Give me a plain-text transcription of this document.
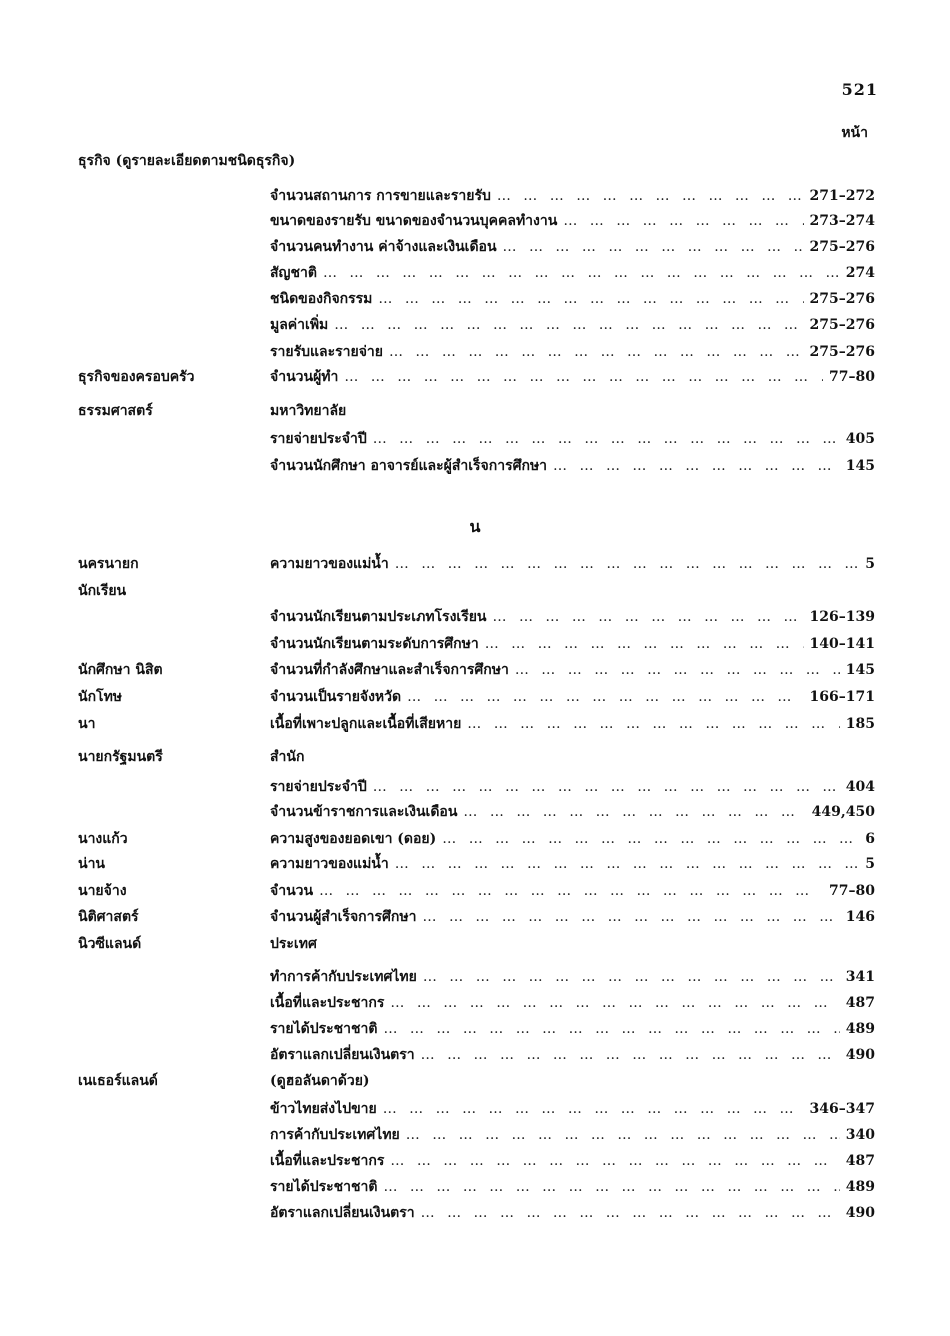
521
หน้า
น
ธุรกิจ (ดูรายละเอียดตามชนิดธุรกิจ)
จำนวนสถานการ การขายและรายรับ … … … … … … … … … … … … … … … … … … … … … … … … … … … … … …	271–272
ขนาดของรายรับ ขนาดของจำนวนบุคคลทำงาน … … … … … … … … … … … … … … … … … … … … … … … … … … … … … …	273–274
จำนวนคนทำงาน ค่าจ้างและเงินเดือน … … … … … … … … … … … … … … … … … … … … … … … … … … … … … …	275–276
สัญชาติ … … … … … … … … … … … … … … … … … … … … … … … … … … … … … …	274
ชนิดของกิจกรรม … … … … … … … … … … … … … … … … … … … … … … … … … … … … … …	275–276
มูลค่าเพิ่ม … … … … … … … … … … … … … … … … … … … … … … … … … … … … … …	275–276
รายรับและรายจ่าย … … … … … … … … … … … … … … … … … … … … … … … … … … … … … …	275–276
ธุรกิจของครอบครัว	จำนวนผู้ทำ … … … … … … … … … … … … … … … … … … … … … … … … … … … … … …	77–80
ธรรมศาสตร์	มหาวิทยาลัย
รายจ่ายประจำปี … … … … … … … … … … … … … … … … … … … … … … … … … … … … … …	405
จำนวนนักศึกษา อาจารย์และผู้สำเร็จการศึกษา … … … … … … … … … … … … … … … … … … … … … … … … … … … … … …	145
นครนายก	ความยาวของแม่น้ำ … … … … … … … … … … … … … … … … … … … … … … … … … … … … … …	5
นักเรียน
จำนวนนักเรียนตามประเภทโรงเรียน … … … … … … … … … … … … … … … … … … … … … … … … … … … … … …	126–139
จำนวนนักเรียนตามระดับการศึกษา … … … … … … … … … … … … … … … … … … … … … … … … … … … … … …	140–141
นักศึกษา นิสิต	จำนวนที่กำลังศึกษาและสำเร็จการศึกษา … … … … … … … … … … … … … … … … … … … … … … … … … … … … … …	145
นักโทษ	จำนวนเป็นรายจังหวัด … … … … … … … … … … … … … … … … … … … … … … … … … … … … … …	166–171
นา	เนื้อที่เพาะปลูกและเนื้อที่เสียหาย … … … … … … … … … … … … … … … … … … … … … … … … … … … … … …	185
นายกรัฐมนตรี	สำนัก
รายจ่ายประจำปี … … … … … … … … … … … … … … … … … … … … … … … … … … … … … …	404
จำนวนข้าราชการและเงินเดือน … … … … … … … … … … … … … … … … … … … … … … … … … … … … … …	449,450
นางแก้ว	ความสูงของยอดเขา (ดอย) … … … … … … … … … … … … … … … … … … … … … … … … … … … … … …	6
น่าน	ความยาวของแม่น้ำ … … … … … … … … … … … … … … … … … … … … … … … … … … … … … …	5
นายจ้าง	จำนวน … … … … … … … … … … … … … … … … … … … … … … … … … … … … … …	77–80
นิติศาสตร์	จำนวนผู้สำเร็จการศึกษา … … … … … … … … … … … … … … … … … … … … … … … … … … … … … …	146
นิวซีแลนด์	ประเทศ
ทำการค้ากับประเทศไทย … … … … … … … … … … … … … … … … … … … … … … … … … … … … … …	341
เนื้อที่และประชากร … … … … … … … … … … … … … … … … … … … … … … … … … … … … … …	487
รายได้ประชาชาติ … … … … … … … … … … … … … … … … … … … … … … … … … … … … … …	489
อัตราแลกเปลี่ยนเงินตรา … … … … … … … … … … … … … … … … … … … … … … … … … … … … … …	490
เนเธอร์แลนด์	(ดูฮอลันดาด้วย)
ข้าวไทยส่งไปขาย … … … … … … … … … … … … … … … … … … … … … … … … … … … … … …	346–347
การค้ากับประเทศไทย … … … … … … … … … … … … … … … … … … … … … … … … … … … … … …	340
เนื้อที่และประชากร … … … … … … … … … … … … … … … … … … … … … … … … … … … … … …	487
รายได้ประชาชาติ … … … … … … … … … … … … … … … … … … … … … … … … … … … … … …	489
อัตราแลกเปลี่ยนเงินตรา … … … … … … … … … … … … … … … … … … … … … … … … … … … … … …	490
